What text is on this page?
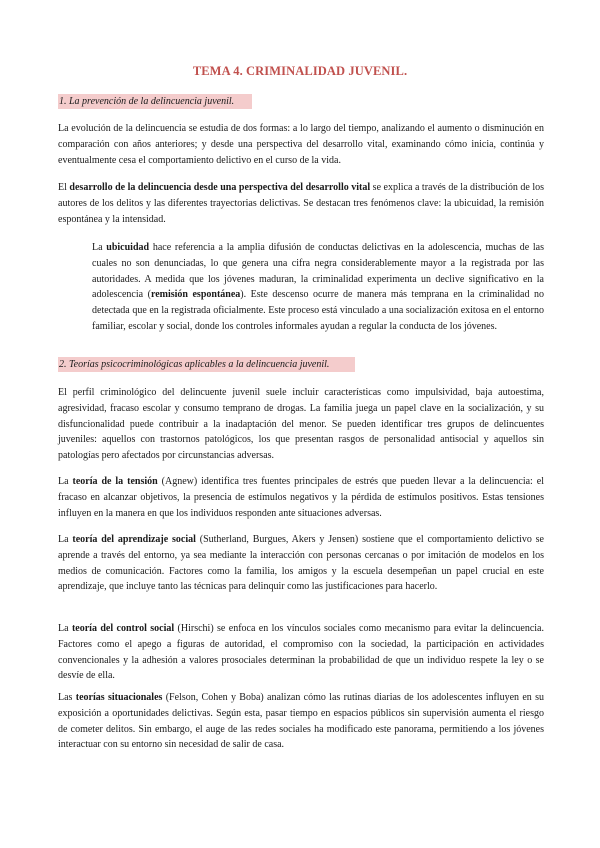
TEMA 4. CRIMINALIDAD JUVENIL.
1. La prevención de la delincuencia juvenil.

La evolución de la delincuencia se estudia de dos formas: a lo largo del tiempo, analizando el aumento o disminución en comparación con años anteriores; y desde una perspectiva del desarrollo vital, examinando cómo inicia, continúa y eventualmente cesa el comportamiento delictivo en el curso de la vida.

El desarrollo de la delincuencia desde una perspectiva del desarrollo vital se explica a través de la distribución de los autores de los delitos y las diferentes trayectorias delictivas. Se destacan tres fenómenos clave: la ubicuidad, la remisión espontánea y la intensidad.

La ubicuidad hace referencia a la amplia difusión de conductas delictivas en la adolescencia, muchas de las cuales no son denunciadas, lo que genera una cifra negra considerablemente mayor a la registrada por las autoridades. A medida que los jóvenes maduran, la criminalidad experimenta un declive significativo en la adolescencia (remisión espontánea). Este descenso ocurre de manera más temprana en la criminalidad no detectada que en la registrada oficialmente. Este proceso está vinculado a una socialización exitosa en el entorno familiar, escolar y social, donde los controles informales ayudan a regular la conducta de los jóvenes.

2. Teorías psicocriminológicas aplicables a la delincuencia juvenil.

El perfil criminológico del delincuente juvenil suele incluir características como impulsividad, baja autoestima, agresividad, fracaso escolar y consumo temprano de drogas. La familia juega un papel clave en la socialización, y su disfuncionalidad puede contribuir a la inadaptación del menor. Se pueden identificar tres grupos de delincuentes juveniles: aquellos con trastornos patológicos, los que presentan rasgos de personalidad antisocial y aquellos sin patologías pero afectados por circunstancias adversas.

La teoría de la tensión (Agnew) identifica tres fuentes principales de estrés que pueden llevar a la delincuencia: el fracaso en alcanzar objetivos, la presencia de estímulos negativos y la pérdida de estímulos positivos. Estas tensiones influyen en la manera en que los individuos responden ante situaciones adversas.

La teoría del aprendizaje social (Sutherland, Burgues, Akers y Jensen) sostiene que el comportamiento delictivo se aprende a través del entorno, ya sea mediante la interacción con personas cercanas o por imitación de modelos en los medios de comunicación. Factores como la familia, los amigos y la escuela desempeñan un papel crucial en este aprendizaje, que incluye tanto las técnicas para delinquir como las justificaciones para hacerlo.

La teoría del control social (Hirschi) se enfoca en los vínculos sociales como mecanismo para evitar la delincuencia. Factores como el apego a figuras de autoridad, el compromiso con la sociedad, la participación en actividades convencionales y la adhesión a valores prosociales determinan la probabilidad de que un individuo respete la ley o se desvíe de ella.

Las teorías situacionales (Felson, Cohen y Boba) analizan cómo las rutinas diarias de los adolescentes influyen en su exposición a oportunidades delictivas. Según esta, pasar tiempo en espacios públicos sin supervisión aumenta el riesgo de cometer delitos. Sin embargo, el auge de las redes sociales ha modificado este panorama, permitiendo a los jóvenes interactuar con su entorno sin necesidad de salir de casa.
